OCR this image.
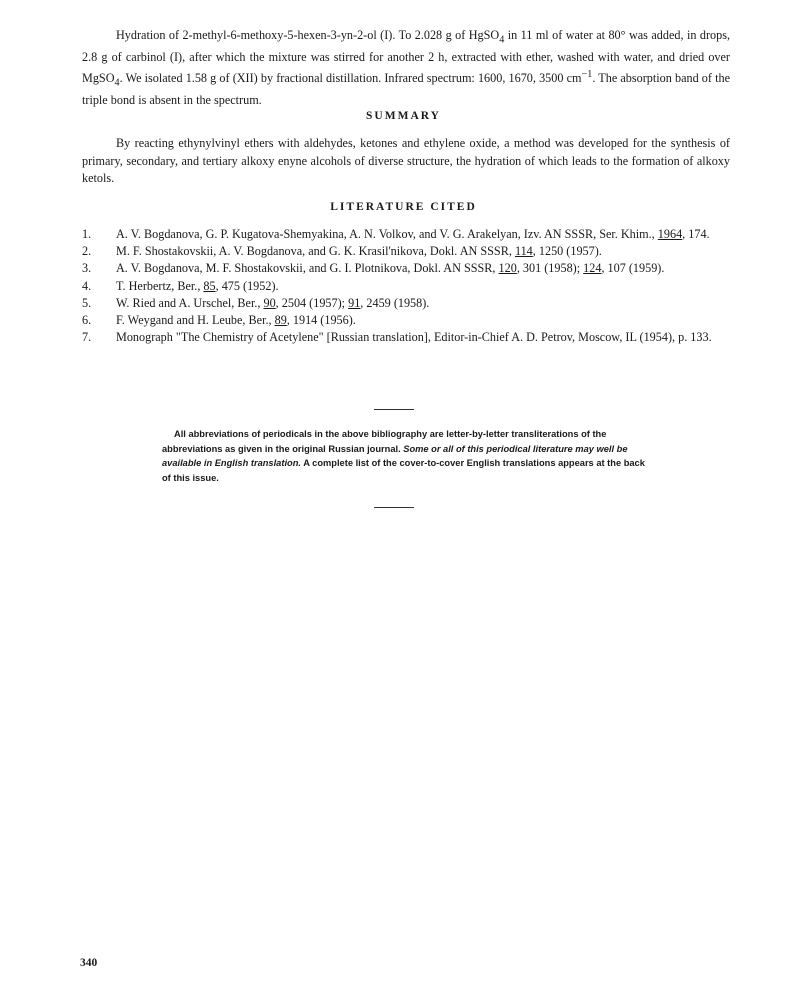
Hydration of 2-methyl-6-methoxy-5-hexen-3-yn-2-ol (I). To 2.028 g of HgSO$_4$ in 11 ml of water at 80° was added, in drops, 2.8 g of carbinol (I), after which the mixture was stirred for another 2 h, extracted with ether, washed with water, and dried over MgSO$_4$. We isolated 1.58 g of (XII) by fractional distillation. Infrared spectrum: 1600, 1670, 3500 $cm^{-1}$. The absorption band of the triple bond is absent in the spectrum.

SUMMARY

By reacting ethynylvinyl ethers with aldehydes, ketones and ethylene oxide, a method was developed for the synthesis of primary, secondary, and tertiary alkoxy enyne alcohols of diverse structure, the hydration of which leads to the formation of alkoxy ketols.

LITERATURE CITED
1.	A. V. Bogdanova, G. P. Kugatova-Shemyakina, A. N. Volkov, and V. G. Arakelyan, Izv. AN SSSR, Ser. Khim., 1964, 174.
2.	M. F. Shostakovskii, A. V. Bogdanova, and G. K. Krasil'nikova, Dokl. AN SSSR, 114, 1250 (1957).
3.	A. V. Bogdanova, M. F. Shostakovskii, and G. I. Plotnikova, Dokl. AN SSSR, 120, 301 (1958); 124, 107 (1959).
4.	T. Herbertz, Ber., 85, 475 (1952).
5.	W. Ried and A. Urschel, Ber., 90, 2504 (1957); 91, 2459 (1958).
6.	F. Weygand and H. Leube, Ber., 89, 1914 (1956).
7.	Monograph "The Chemistry of Acetylene" [Russian translation], Editor-in-Chief A. D. Petrov, Moscow, IL (1954), p. 133.

All abbreviations of periodicals in the above bibliography are letter-by-letter transliterations of the abbreviations as given in the original Russian journal. Some or all of this periodical literature may well be available in English translation. A complete list of the cover-to-cover English translations appears at the back of this issue.

340
